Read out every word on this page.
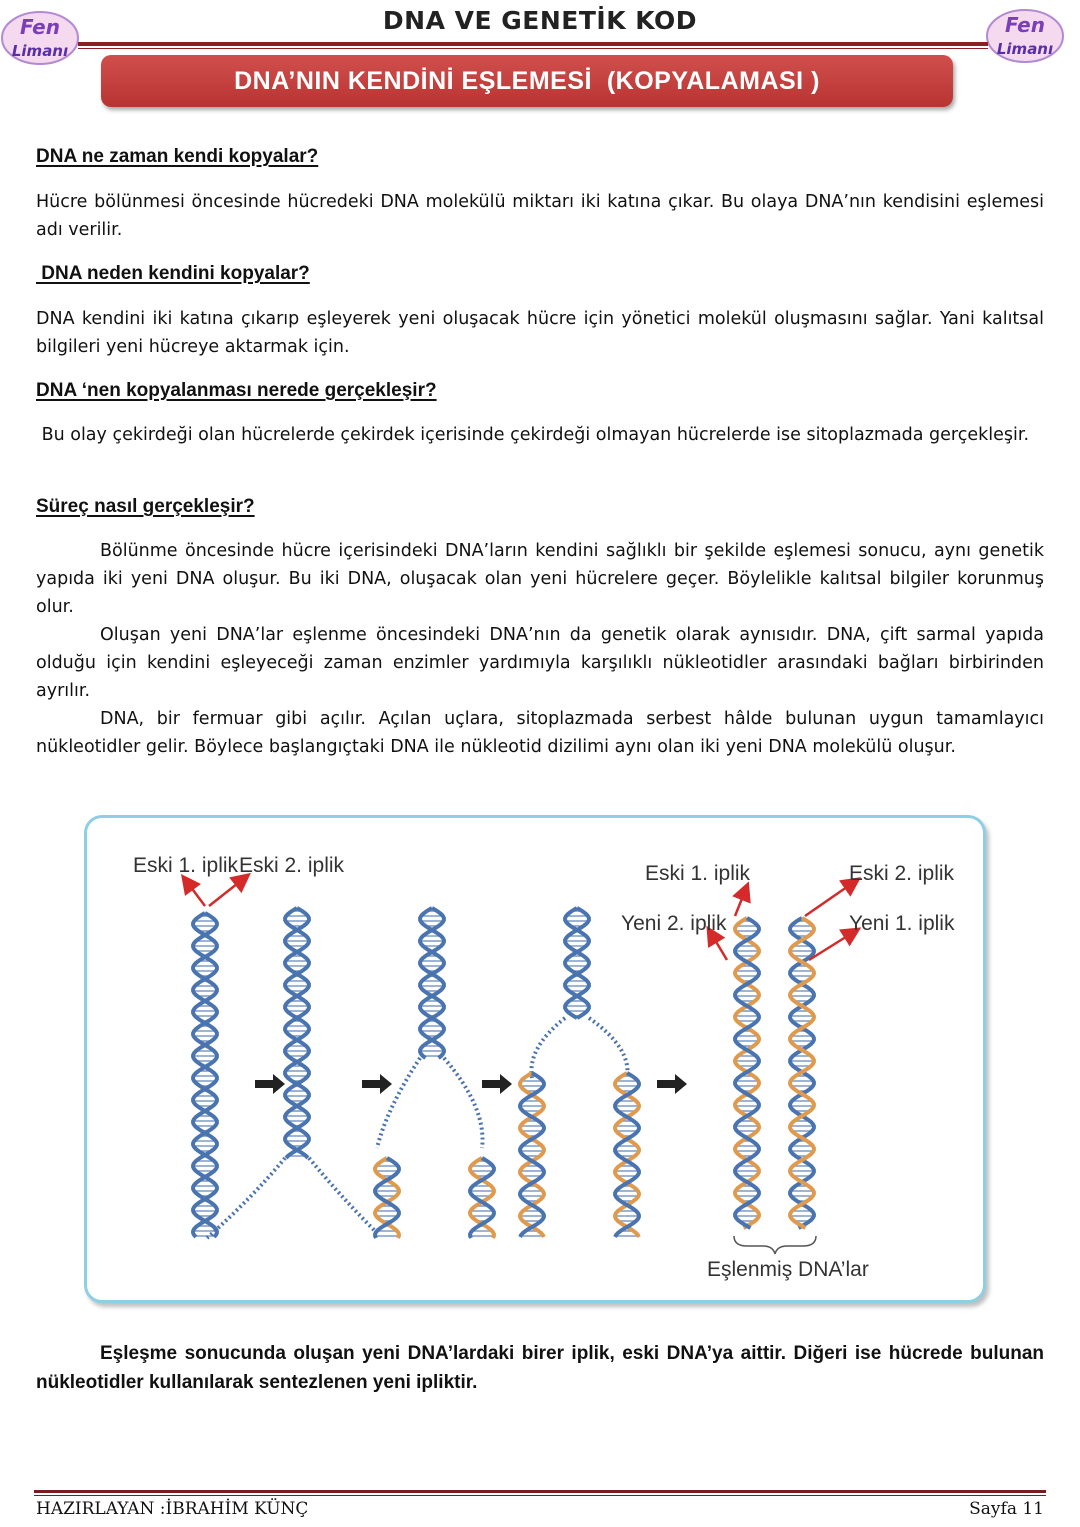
Fen
Limanı
Fen
Limanı
DNA VE GENETİK KOD
DNA’NIN KENDİNİ EŞLEMESİ  (KOPYALAMASI )
DNA ne zaman kendi kopyalar?
Hücre bölünmesi öncesinde hücredeki DNA molekülü miktarı iki katına çıkar. Bu olaya DNA’nın kendisini eşlemesi adı verilir.
DNA neden kendini kopyalar?
DNA kendini iki katına çıkarıp eşleyerek yeni oluşacak hücre için yönetici molekül oluşmasını sağlar. Yani kalıtsal bilgileri yeni hücreye aktarmak için.
DNA ‘nen kopyalanması nerede gerçekleşir?
Bu olay çekirdeği olan hücrelerde çekirdek içerisinde çekirdeği olmayan hücrelerde ise sitoplazmada gerçekleşir.
Süreç nasıl gerçekleşir?
Bölünme öncesinde hücre içerisindeki DNA’ların kendini sağlıklı bir şekilde eşlemesi sonucu, aynı genetik yapıda iki yeni DNA oluşur. Bu iki DNA, oluşacak olan yeni hücrelere geçer. Böylelikle kalıtsal bilgiler korunmuş olur.
Oluşan yeni DNA’lar eşlenme öncesindeki DNA’nın da genetik olarak aynısıdır. DNA, çift sarmal yapıda olduğu için kendini eşleyeceği zaman enzimler yardımıyla karşılıklı nükleotidler arasındaki bağları birbirinden ayrılır.
DNA, bir fermuar gibi açılır. Açılan uçlara, sitoplazmada serbest hâlde bulunan uygun tamamlayıcı nükleotidler gelir. Böylece başlangıçtaki DNA ile nükleotid dizilimi aynı olan iki yeni DNA molekülü oluşur.
Eski 1. iplik Eski 2. iplik	Eski 1. iplik	Eski 2. iplik
Yeni 2. iplik	Yeni 1. iplik
Eşlenmiş DNA’lar
Eşleşme sonucunda oluşan yeni DNA’lardaki birer iplik, eski DNA’ya aittir. Diğeri ise hücrede bulunan nükleotidler kullanılarak sentezlenen yeni ipliktir.
HAZIRLAYAN :İBRAHİM KÜNÇ	Sayfa 11
